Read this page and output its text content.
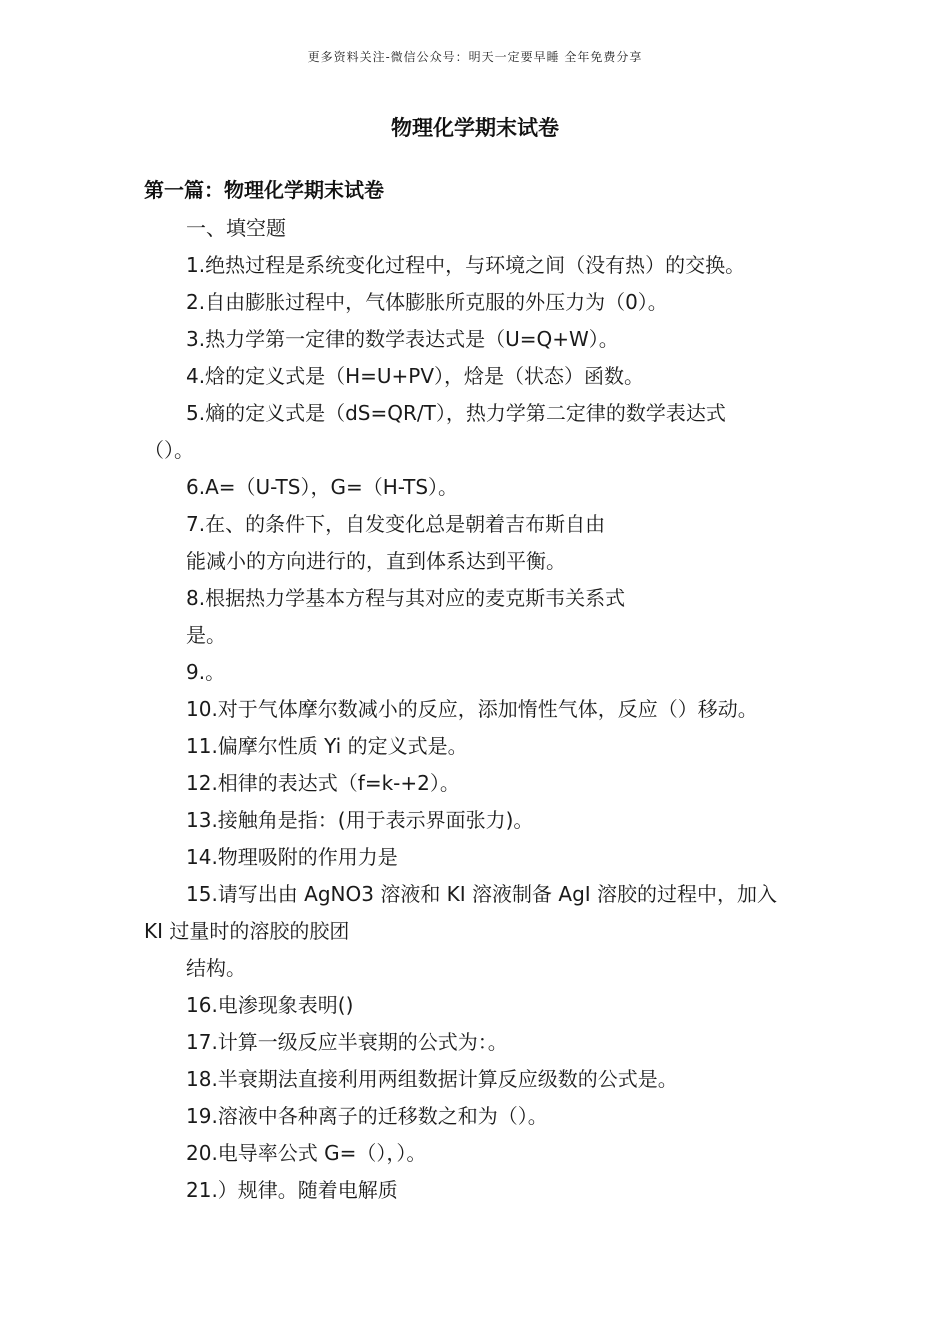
更多资料关注-微信公众号：明天一定要早睡 全年免费分享
物理化学期末试卷
第一篇：物理化学期末试卷
一、填空题
1.绝热过程是系统变化过程中，与环境之间（没有热）的交换。
2.自由膨胀过程中，气体膨胀所克服的外压力为（0）。
3.热力学第一定律的数学表达式是（U=Q+W）。
4.焓的定义式是（H=U+PV），焓是（状态）函数。
5.熵的定义式是（dS=QR/T），热力学第二定律的数学表达式
（）。
6.A=（U-TS），G=（H-TS）。
7.在、的条件下，自发变化总是朝着吉布斯自由
能减小的方向进行的，直到体系达到平衡。
8.根据热力学基本方程与其对应的麦克斯韦关系式
是。
9.。
10.对于气体摩尔数减小的反应，添加惰性气体，反应（）移动。
11.偏摩尔性质 Yi 的定义式是。
12.相律的表达式（f=k-+2）。
13.接触角是指：(用于表示界面张力)。
14.物理吸附的作用力是
15.请写出由 AgNO3 溶液和 KI 溶液制备 AgI 溶胶的过程中，加入
KI 过量时的溶胶的胶团
结构。
16.电渗现象表明()
17.计算一级反应半衰期的公式为：。
18.半衰期法直接利用两组数据计算反应级数的公式是。
19.溶液中各种离子的迁移数之和为（）。
20.电导率公式 G=（），）。
21.）规律。随着电解质
